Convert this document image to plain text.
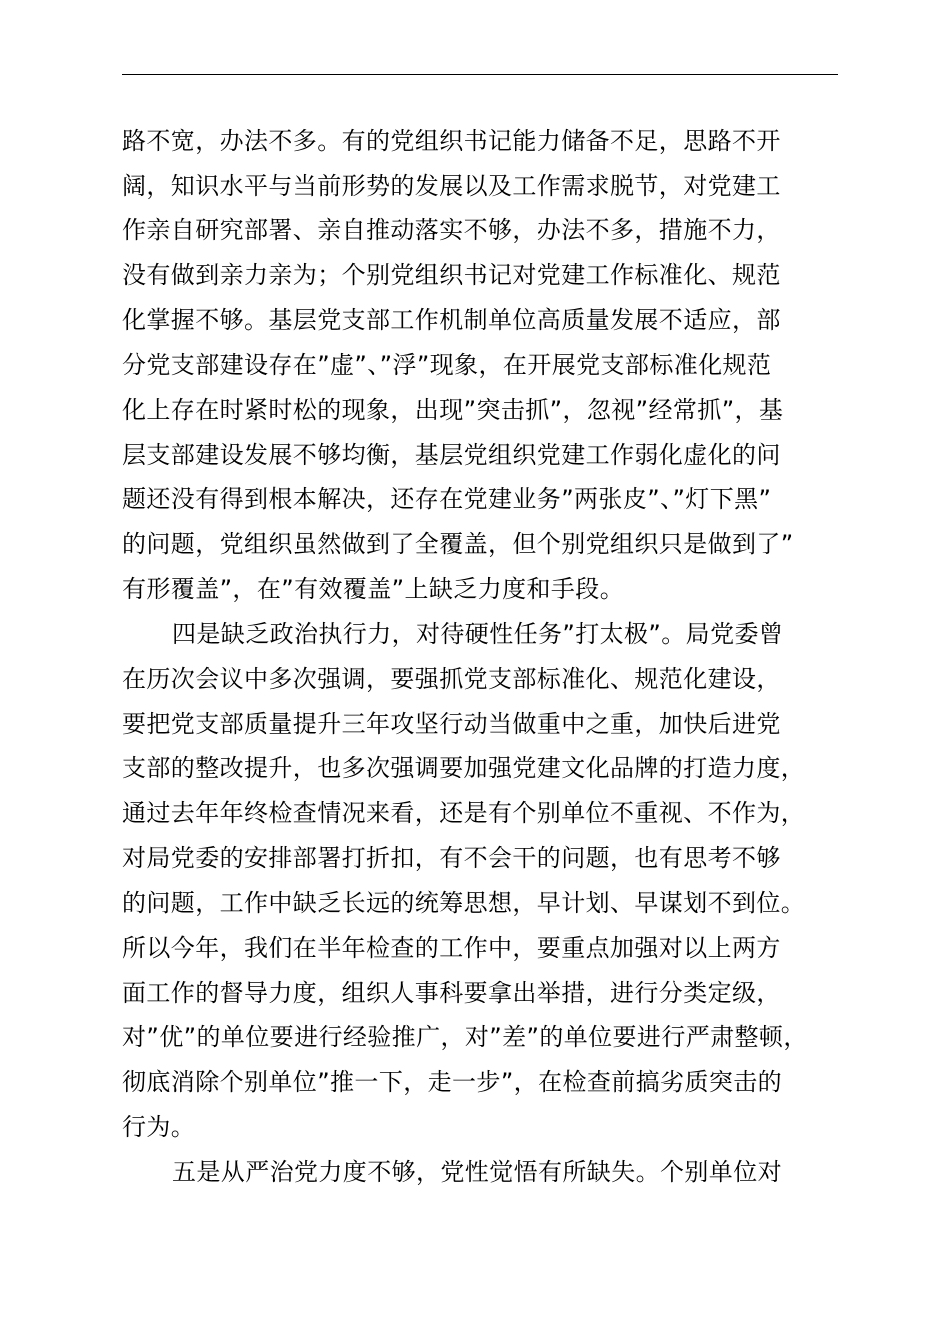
路不宽，办法不多。有的党组织书记能力储备不足，思路不开
阔，知识水平与当前形势的发展以及工作需求脱节，对党建工
作亲自研究部署、亲自推动落实不够，办法不多，措施不力，
没有做到亲力亲为；个别党组织书记对党建工作标准化、规范
化掌握不够。基层党支部工作机制单位高质量发展不适应，部
分党支部建设存在”虚”、”浮”现象，在开展党支部标准化规范
化上存在时紧时松的现象，出现”突击抓”，忽视”经常抓”，基
层支部建设发展不够均衡，基层党组织党建工作弱化虚化的问
题还没有得到根本解决，还存在党建业务”两张皮”、”灯下黑”
的问题，党组织虽然做到了全覆盖，但个别党组织只是做到了”
有形覆盖”，在”有效覆盖”上缺乏力度和手段。
四是缺乏政治执行力，对待硬性任务”打太极”。局党委曾
在历次会议中多次强调，要强抓党支部标准化、规范化建设，
要把党支部质量提升三年攻坚行动当做重中之重，加快后进党
支部的整改提升，也多次强调要加强党建文化品牌的打造力度，
通过去年年终检查情况来看，还是有个别单位不重视、不作为，
对局党委的安排部署打折扣，有不会干的问题，也有思考不够
的问题，工作中缺乏长远的统筹思想，早计划、早谋划不到位。
所以今年，我们在半年检查的工作中，要重点加强对以上两方
面工作的督导力度，组织人事科要拿出举措，进行分类定级，
对”优”的单位要进行经验推广，对”差”的单位要进行严肃整顿，
彻底消除个别单位”推一下，走一步”，在检查前搞劣质突击的
行为。
五是从严治党力度不够，党性觉悟有所缺失。个别单位对
